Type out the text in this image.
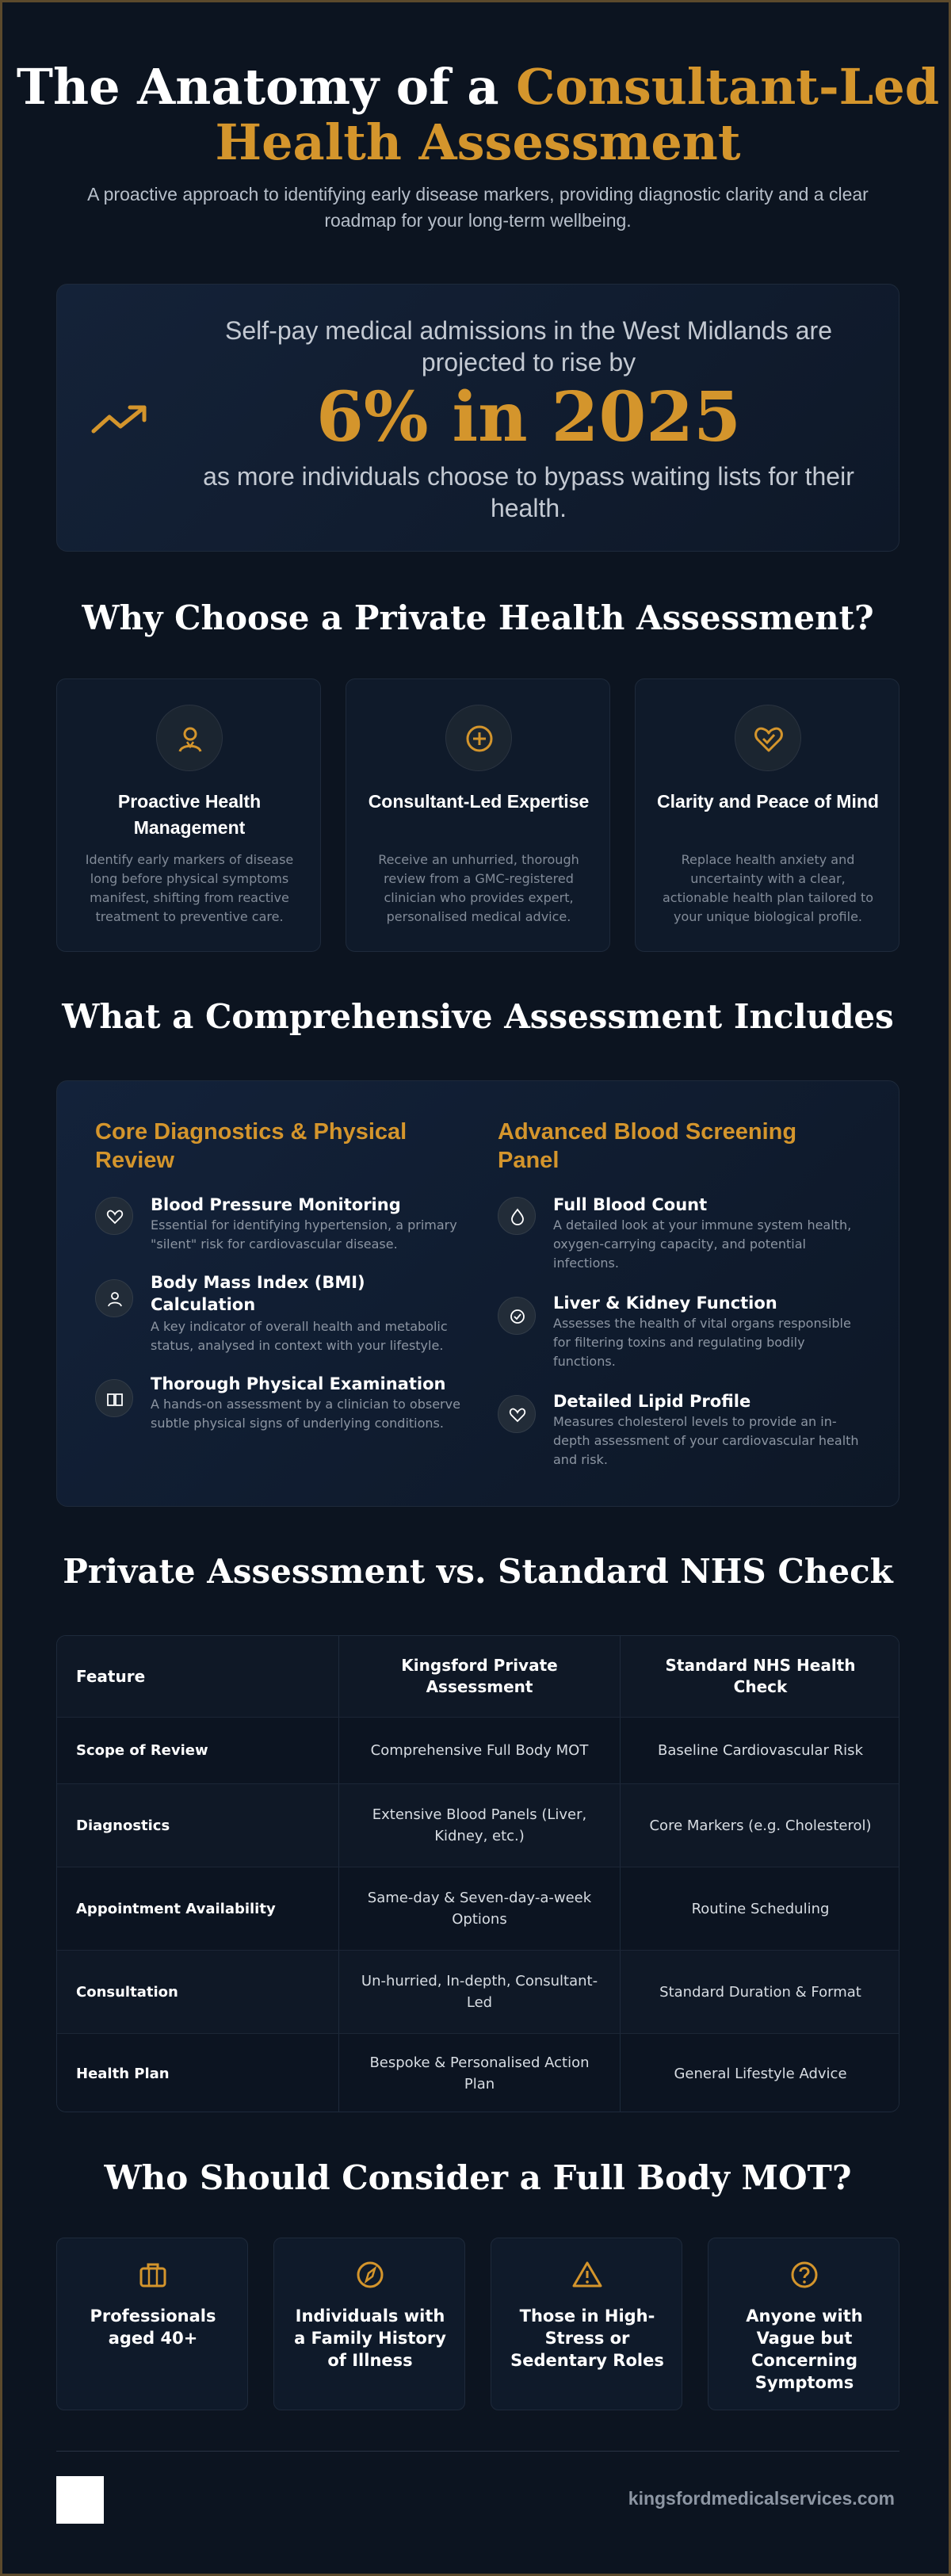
The Anatomy of a Consultant-Led
Health Assessment
A proactive approach to identifying early disease markers, providing diagnostic clarity and a clear roadmap for your long-term wellbeing.
Self-pay medical admissions in the West Midlands are projected to rise by
6% in 2025
as more individuals choose to bypass waiting lists for their health.
Why Choose a Private Health Assessment?
Proactive Health Management
Identify early markers of disease long before physical symptoms manifest, shifting from reactive treatment to preventive care.
Consultant-Led Expertise
Receive an unhurried, thorough review from a GMC-registered clinician who provides expert, personalised medical advice.
Clarity and Peace of Mind
Replace health anxiety and uncertainty with a clear, actionable health plan tailored to your unique biological profile.
What a Comprehensive Assessment Includes
Core Diagnostics & Physical Review
Blood Pressure Monitoring
Essential for identifying hypertension, a primary "silent" risk for cardiovascular disease.
Body Mass Index (BMI) Calculation
A key indicator of overall health and metabolic status, analysed in context with your lifestyle.
Thorough Physical Examination
A hands-on assessment by a clinician to observe subtle physical signs of underlying conditions.
Advanced Blood Screening Panel
Full Blood Count
A detailed look at your immune system health, oxygen-carrying capacity, and potential infections.
Liver & Kidney Function
Assesses the health of vital organs responsible for filtering toxins and regulating bodily functions.
Detailed Lipid Profile
Measures cholesterol levels to provide an in-depth assessment of your cardiovascular health and risk.
Private Assessment vs. Standard NHS Check
Feature
Kingsford Private Assessment
Standard NHS Health Check
Scope of Review	Comprehensive Full Body MOT	Baseline Cardiovascular Risk
Diagnostics
Extensive Blood Panels (Liver, Kidney, etc.)
Core Markers (e.g. Cholesterol)
Appointment Availability
Same-day & Seven-day-a-week Options
Routine Scheduling
Consultation
Un-hurried, In-depth, Consultant-Led
Standard Duration & Format
Health Plan
Bespoke & Personalised Action Plan
General Lifestyle Advice
Who Should Consider a Full Body MOT?
Professionals aged 40+
Individuals with a Family History of Illness
Those in High-Stress or Sedentary Roles
Anyone with Vague but Concerning Symptoms
kingsfordmedicalservices.com
